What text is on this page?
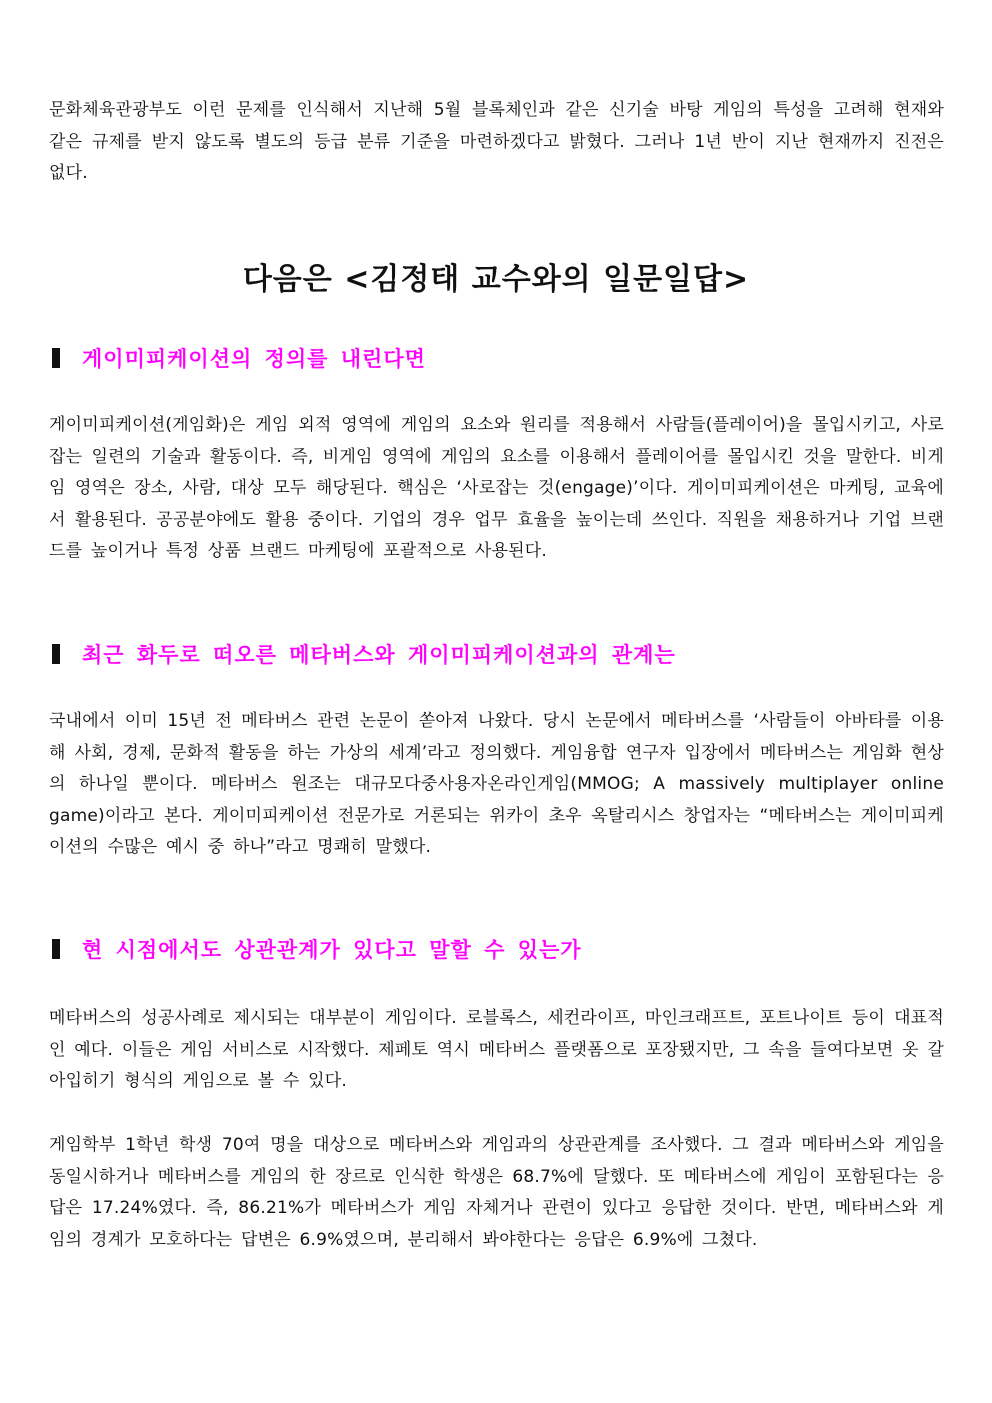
문화체육관광부도 이런 문제를 인식해서 지난해 5월 블록체인과 같은 신기술 바탕 게임의 특성을 고려해 현재와 같은 규제를 받지 않도록 별도의 등급 분류 기준을 마련하겠다고 밝혔다. 그러나 1년 반이 지난 현재까지 진전은 없다.

다음은 <김정태 교수와의 일문일답>
게이미피케이션의 정의를 내린다면

게이미피케이션(게임화)은 게임 외적 영역에 게임의 요소와 원리를 적용해서 사람들(플레이어)을 몰입시키고, 사로잡는 일련의 기술과 활동이다. 즉, 비게임 영역에 게임의 요소를 이용해서 플레이어를 몰입시킨 것을 말한다. 비게임 영역은 장소, 사람, 대상 모두 해당된다. 핵심은 ‘사로잡는 것(engage)’이다. 게이미피케이션은 마케팅, 교육에서 활용된다. 공공분야에도 활용 중이다. 기업의 경우 업무 효율을 높이는데 쓰인다. 직원을 채용하거나 기업 브랜드를 높이거나 특정 상품 브랜드 마케팅에 포괄적으로 사용된다.

최근 화두로 떠오른 메타버스와 게이미피케이션과의 관계는

국내에서 이미 15년 전 메타버스 관련 논문이 쏟아져 나왔다. 당시 논문에서 메타버스를 ‘사람들이 아바타를 이용해 사회, 경제, 문화적 활동을 하는 가상의 세계’라고 정의했다. 게임융합 연구자 입장에서 메타버스는 게임화 현상의 하나일 뿐이다. 메타버스 원조는 대규모다중사용자온라인게임(MMOG; A massively multiplayer online game)이라고 본다. 게이미피케이션 전문가로 거론되는 위카이 초우 옥탈리시스 창업자는 “메타버스는 게이미피케이션의 수많은 예시 중 하나”라고 명쾌히 말했다.

현 시점에서도 상관관계가 있다고 말할 수 있는가

메타버스의 성공사례로 제시되는 대부분이 게임이다. 로블록스, 세컨라이프, 마인크래프트, 포트나이트 등이 대표적인 예다. 이들은 게임 서비스로 시작했다. 제페토 역시 메타버스 플랫폼으로 포장됐지만, 그 속을 들여다보면 옷 갈아입히기 형식의 게임으로 볼 수 있다.

게임학부 1학년 학생 70여 명을 대상으로 메타버스와 게임과의 상관관계를 조사했다. 그 결과 메타버스와 게임을 동일시하거나 메타버스를 게임의 한 장르로 인식한 학생은 68.7%에 달했다. 또 메타버스에 게임이 포함된다는 응답은 17.24%였다. 즉, 86.21%가 메타버스가 게임 자체거나 관련이 있다고 응답한 것이다. 반면, 메타버스와 게임의 경계가 모호하다는 답변은 6.9%였으며, 분리해서 봐야한다는 응답은 6.9%에 그쳤다.
